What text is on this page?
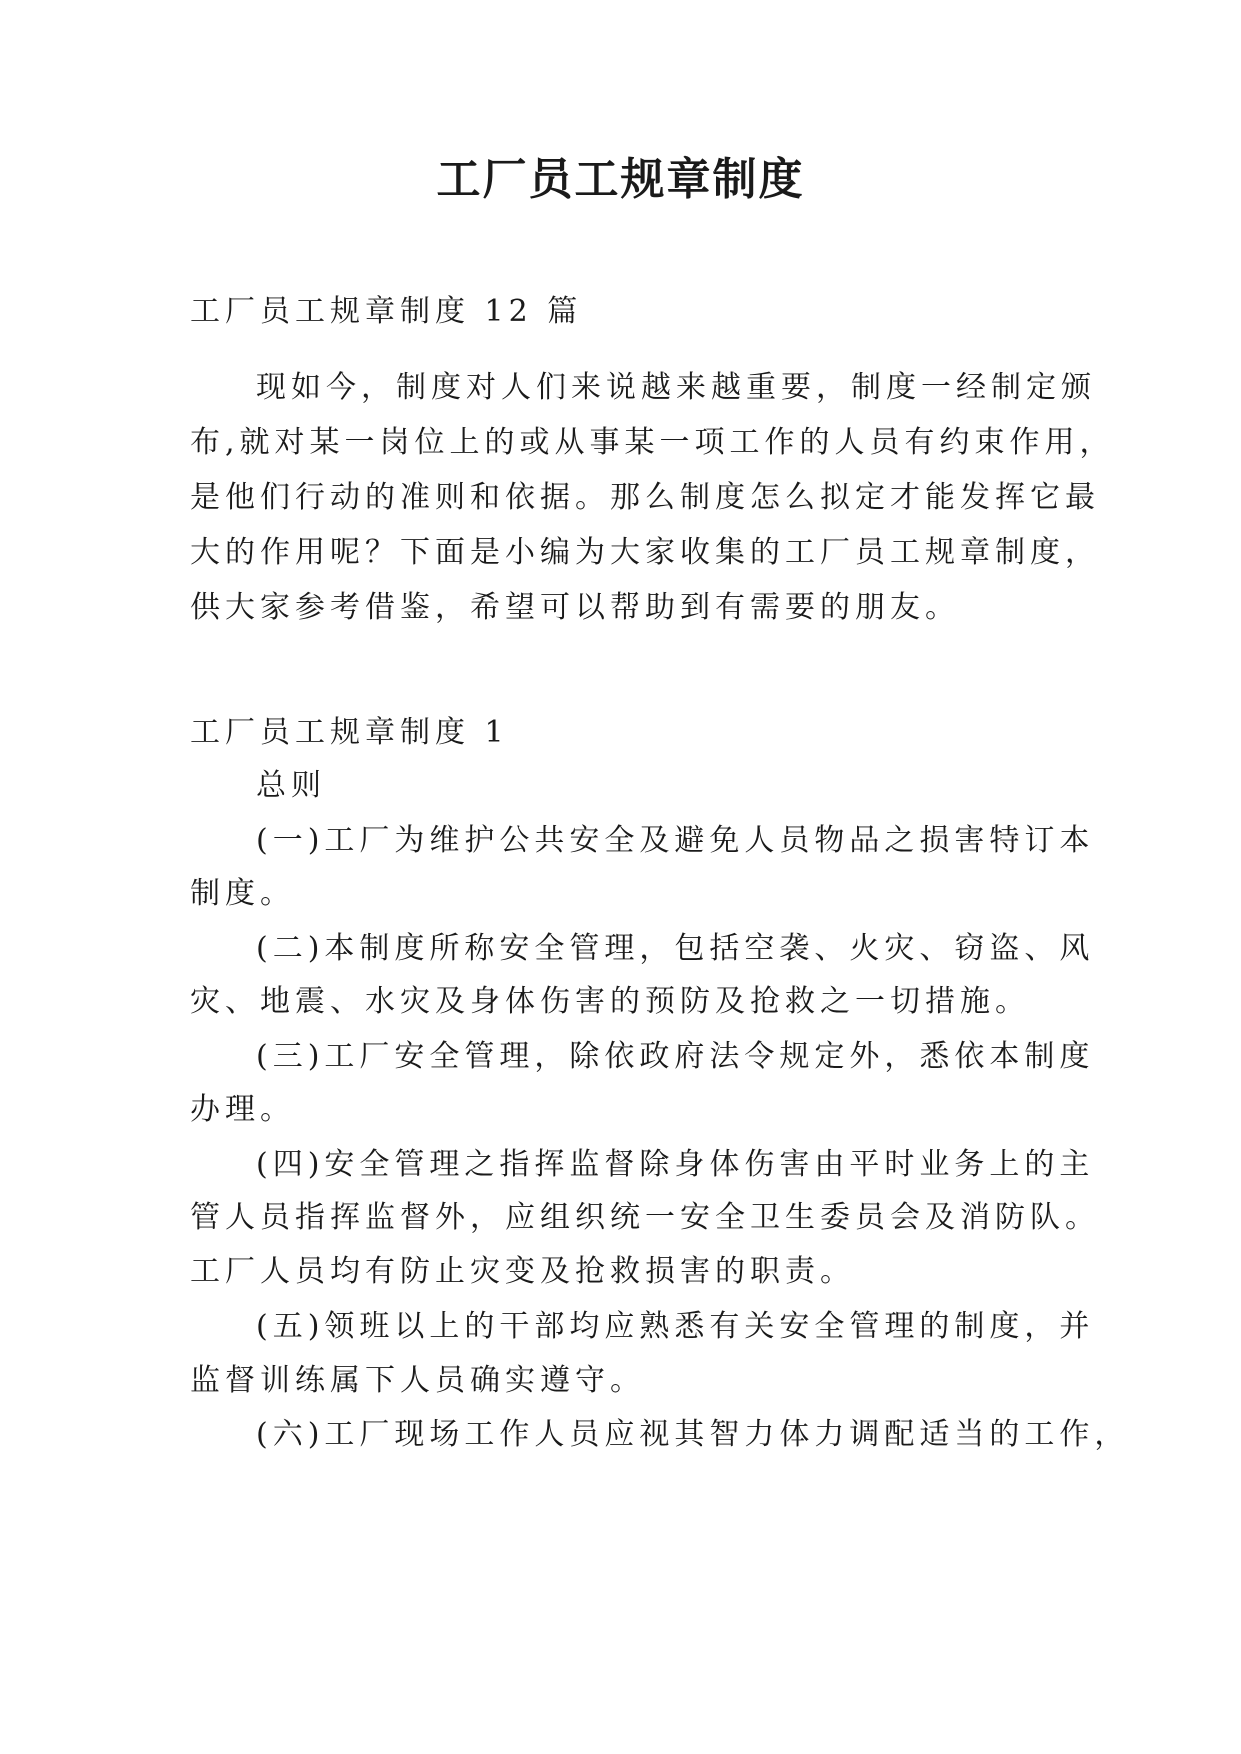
工厂员工规章制度

工厂员工规章制度 12 篇

现如今，制度对人们来说越来越重要，制度一经制定颁

布,就对某一岗位上的或从事某一项工作的人员有约束作用，

是他们行动的准则和依据。那么制度怎么拟定才能发挥它最

大的作用呢？下面是小编为大家收集的工厂员工规章制度，

供大家参考借鉴，希望可以帮助到有需要的朋友。

工厂员工规章制度 1

总则

(一)工厂为维护公共安全及避免人员物品之损害特订本

制度。

(二)本制度所称安全管理，包括空袭、火灾、窃盗、风

灾、地震、水灾及身体伤害的预防及抢救之一切措施。

(三)工厂安全管理，除依政府法令规定外，悉依本制度

办理。

(四)安全管理之指挥监督除身体伤害由平时业务上的主

管人员指挥监督外，应组织统一安全卫生委员会及消防队。

工厂人员均有防止灾变及抢救损害的职责。

(五)领班以上的干部均应熟悉有关安全管理的制度，并

监督训练属下人员确实遵守。

(六)工厂现场工作人员应视其智力体力调配适当的工作，
